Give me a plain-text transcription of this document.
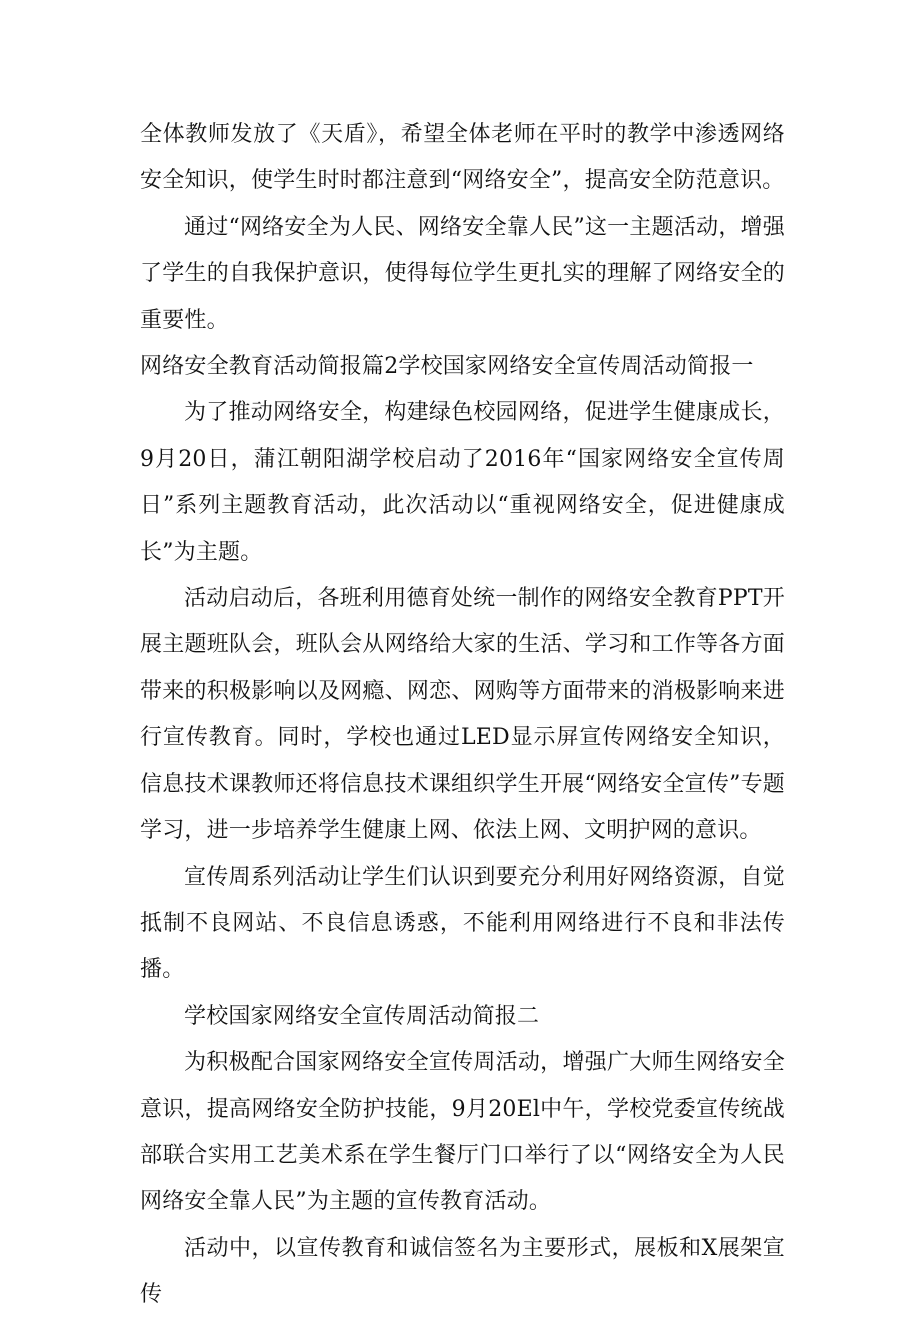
全体教师发放了《天盾》，希望全体老师在平时的教学中渗透网络安全知识，使学生时时都注意到“网络安全”，提高安全防范意识。

通过“网络安全为人民、网络安全靠人民”这一主题活动，增强了学生的自我保护意识，使得每位学生更扎实的理解了网络安全的重要性。

网络安全教育活动简报篇2学校国家网络安全宣传周活动简报一

为了推动网络安全，构建绿色校园网络，促进学生健康成长，9月20日，蒲江朝阳湖学校启动了2016年“国家网络安全宣传周日”系列主题教育活动，此次活动以“重视网络安全，促进健康成长”为主题。

活动启动后，各班利用德育处统一制作的网络安全教育PPT开展主题班队会，班队会从网络给大家的生活、学习和工作等各方面带来的积极影响以及网瘾、网恋、网购等方面带来的消极影响来进行宣传教育。同时，学校也通过LED显示屏宣传网络安全知识，信息技术课教师还将信息技术课组织学生开展“网络安全宣传”专题学习，进一步培养学生健康上网、依法上网、文明护网的意识。

宣传周系列活动让学生们认识到要充分利用好网络资源，自觉抵制不良网站、不良信息诱惑，不能利用网络进行不良和非法传播。

学校国家网络安全宣传周活动简报二

为积极配合国家网络安全宣传周活动，增强广大师生网络安全意识，提高网络安全防护技能，9月20El中午，学校党委宣传统战部联合实用工艺美术系在学生餐厅门口举行了以“网络安全为人民网络安全靠人民”为主题的宣传教育活动。

活动中，以宣传教育和诚信签名为主要形式，展板和X展架宣传
